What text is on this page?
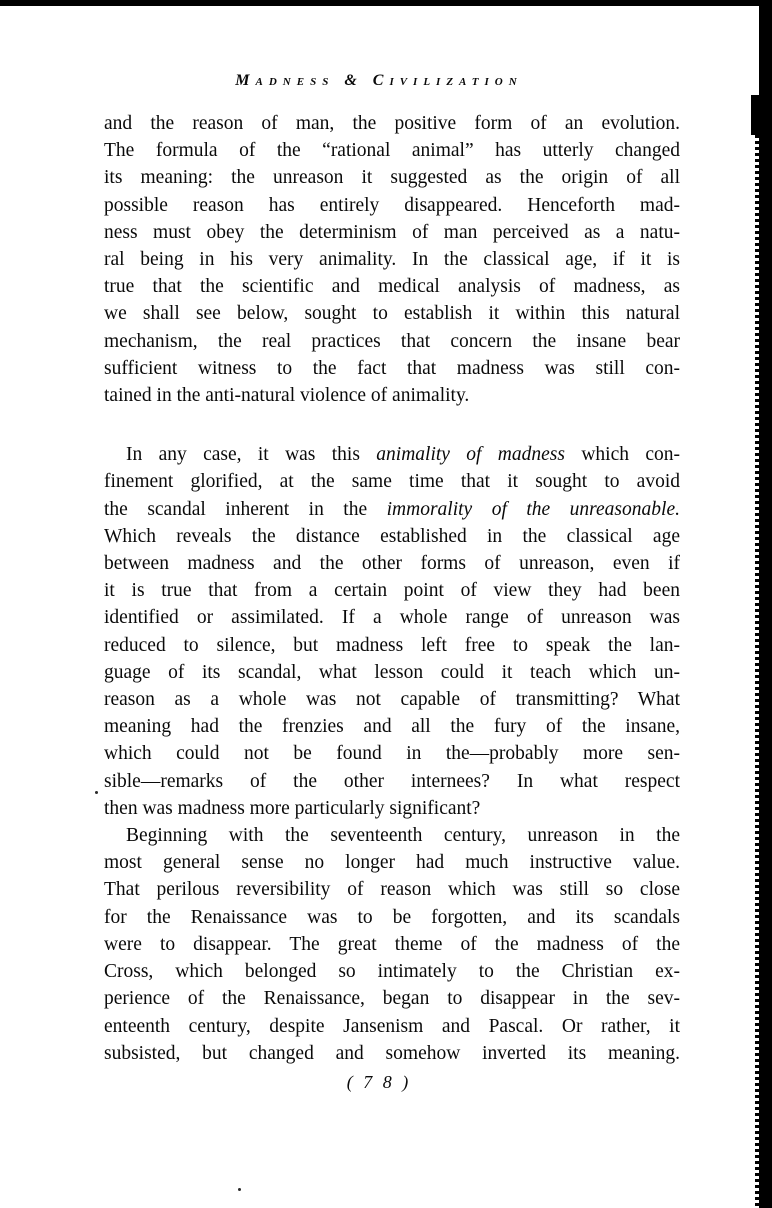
Madness & Civilization
and the reason of man, the positive form of an evolution.
The formula of the “rational animal” has utterly changed
its meaning: the unreason it suggested as the origin of all
possible reason has entirely disappeared. Henceforth mad-
ness must obey the determinism of man perceived as a natu-
ral being in his very animality. In the classical age, if it is
true that the scientific and medical analysis of madness, as
we shall see below, sought to establish it within this natural
mechanism, the real practices that concern the insane bear
sufficient witness to the fact that madness was still con-
tained in the anti-natural violence of animality.
In any case, it was this animality of madness which con-
finement glorified, at the same time that it sought to avoid
the scandal inherent in the immorality of the unreasonable.
Which reveals the distance established in the classical age
between madness and the other forms of unreason, even if
it is true that from a certain point of view they had been
identified or assimilated. If a whole range of unreason was
reduced to silence, but madness left free to speak the lan-
guage of its scandal, what lesson could it teach which un-
reason as a whole was not capable of transmitting? What
meaning had the frenzies and all the fury of the insane,
which could not be found in the—probably more sen-
sible—remarks of the other internees? In what respect
then was madness more particularly significant?
Beginning with the seventeenth century, unreason in the
most general sense no longer had much instructive value.
That perilous reversibility of reason which was still so close
for the Renaissance was to be forgotten, and its scandals
were to disappear. The great theme of the madness of the
Cross, which belonged so intimately to the Christian ex-
perience of the Renaissance, began to disappear in the sev-
enteenth century, despite Jansenism and Pascal. Or rather, it
subsisted, but changed and somehow inverted its meaning.
( 7 8 )
